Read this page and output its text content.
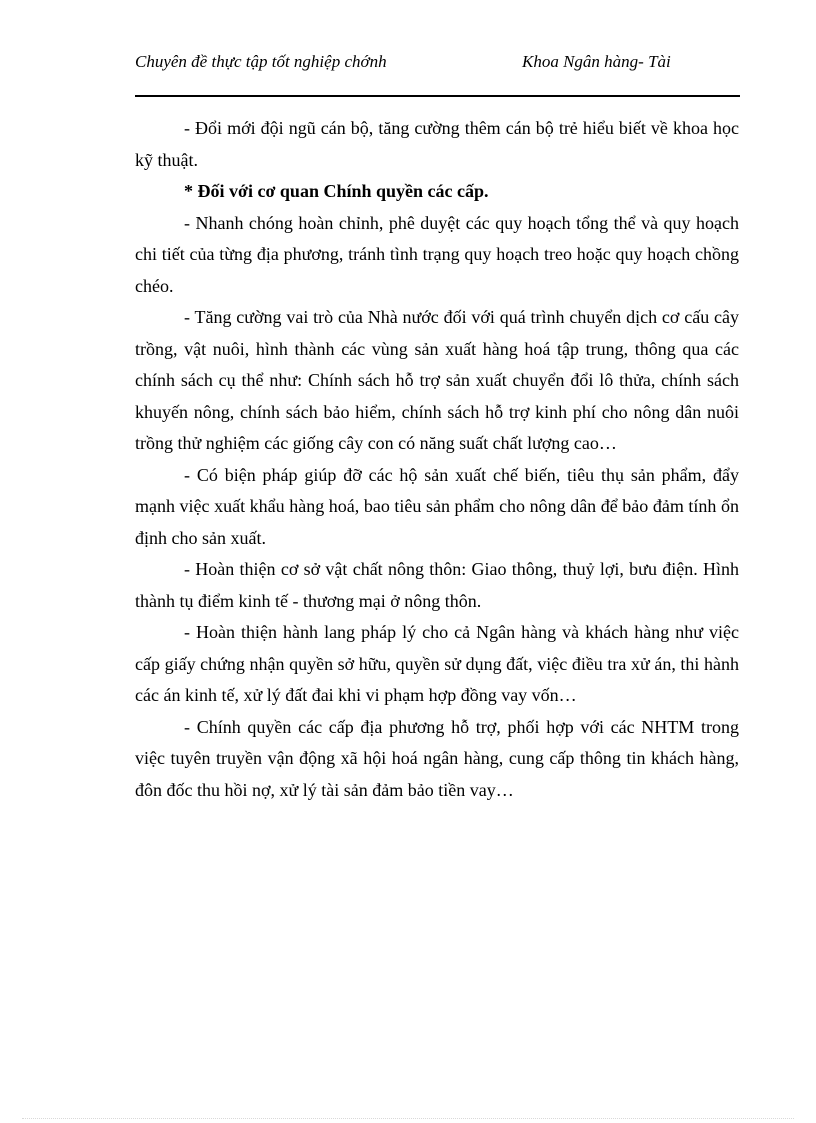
Chuyên đề thực tập tốt nghiệp chớnh	Khoa Ngân hàng- Tài

- Đổi mới đội ngũ cán bộ, tăng cường thêm cán bộ trẻ hiểu biết về khoa học kỹ thuật.

* Đối với cơ quan Chính quyền các cấp.

- Nhanh chóng hoàn chỉnh, phê duyệt các quy hoạch tổng thể và quy hoạch chi tiết của từng địa phương, tránh tình trạng quy hoạch treo hoặc quy hoạch chồng chéo.

- Tăng cường vai trò của Nhà nước đối với quá trình chuyển dịch cơ cấu cây trồng, vật nuôi, hình thành các vùng sản xuất hàng hoá tập trung, thông qua các chính sách cụ thể như: Chính sách hỗ trợ sản xuất chuyển đổi lô thửa, chính sách khuyến nông, chính sách bảo hiểm, chính sách hỗ trợ kinh phí cho nông dân nuôi trồng thử nghiệm các giống cây con có năng suất chất lượng cao…

- Có biện pháp giúp đỡ các hộ sản xuất chế biến, tiêu thụ sản phẩm, đẩy mạnh việc xuất khẩu hàng hoá, bao tiêu sản phẩm cho nông dân để bảo đảm tính ổn định cho sản xuất.

- Hoàn thiện cơ sở vật chất nông thôn: Giao thông, thuỷ lợi, bưu điện. Hình thành tụ điểm kinh tế - thương mại ở nông thôn.

- Hoàn thiện hành lang pháp lý cho cả Ngân hàng và khách hàng như việc cấp giấy chứng nhận quyền sở hữu, quyền sử dụng đất, việc điều tra xử án, thi hành các án kinh tế, xử lý đất đai khi vi phạm hợp đồng vay vốn…

- Chính quyền các cấp địa phương hỗ trợ, phối hợp với các NHTM trong việc tuyên truyền vận động xã hội hoá ngân hàng, cung cấp thông tin khách hàng, đôn đốc thu hồi nợ, xử lý tài sản đảm bảo tiền vay…
